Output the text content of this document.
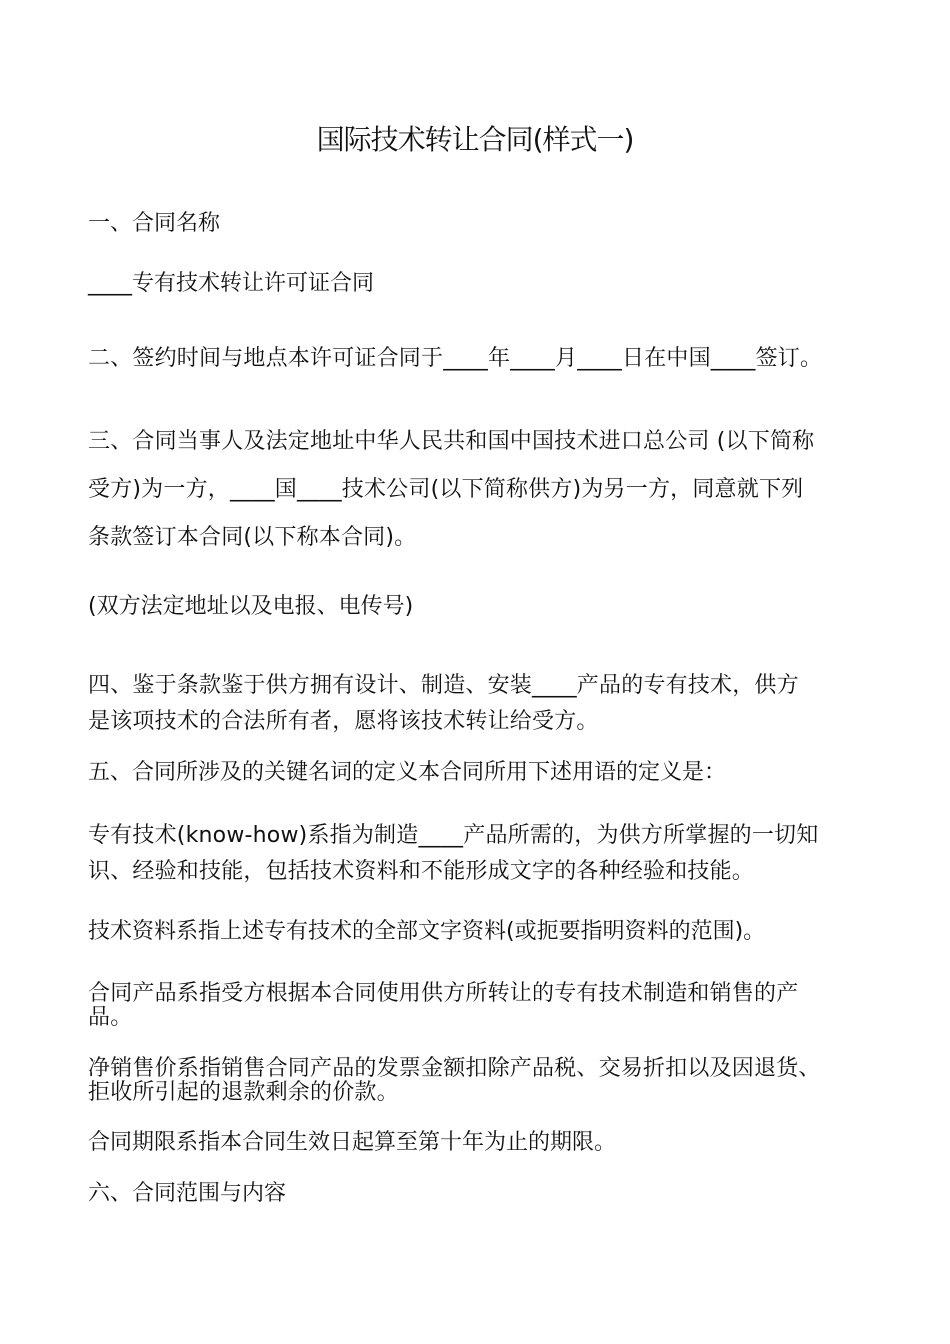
国际技术转让合同(样式一)
一、合同名称
____专有技术转让许可证合同
二、签约时间与地点本许可证合同于____年____月____日在中国____签订。
三、合同当事人及法定地址中华人民共和国中国技术进口总公司 (以下简称
受方)为一方，____国____技术公司(以下简称供方)为另一方，同意就下列
条款签订本合同(以下称本合同)。
(双方法定地址以及电报、电传号)
四、鉴于条款鉴于供方拥有设计、制造、安装____产品的专有技术，供方
是该项技术的合法所有者，愿将该技术转让给受方。
五、合同所涉及的关键名词的定义本合同所用下述用语的定义是：
专有技术(know-how)系指为制造____产品所需的，为供方所掌握的一切知
识、经验和技能，包括技术资料和不能形成文字的各种经验和技能。
技术资料系指上述专有技术的全部文字资料(或扼要指明资料的范围)。
合同产品系指受方根据本合同使用供方所转让的专有技术制造和销售的产
品。
净销售价系指销售合同产品的发票金额扣除产品税、交易折扣以及因退货、
拒收所引起的退款剩余的价款。
合同期限系指本合同生效日起算至第十年为止的期限。
六、合同范围与内容
